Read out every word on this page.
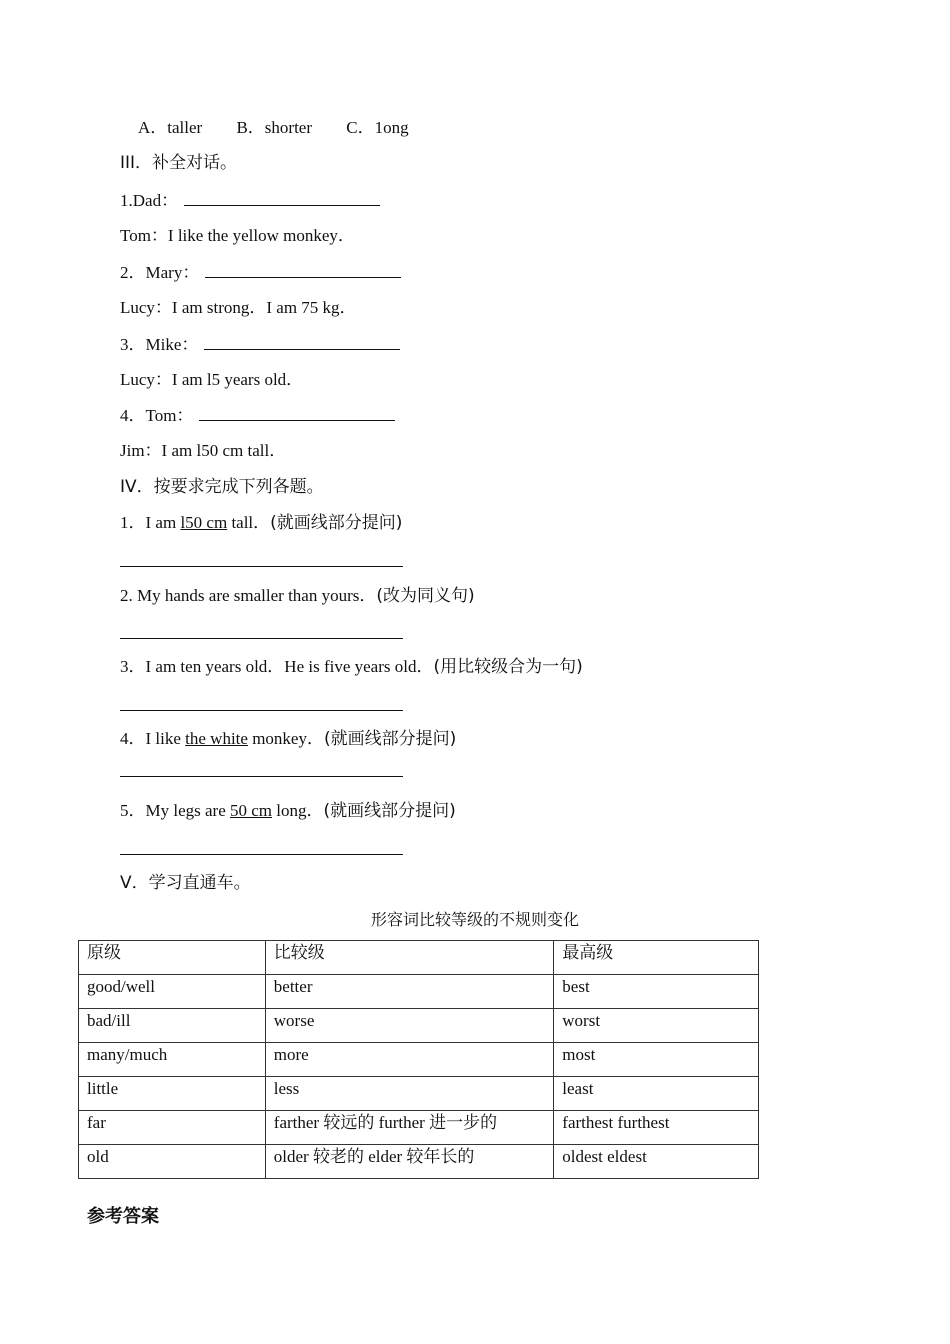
A．taller B．shorter C．1ong
III．补全对话。
1.Dad：
Tom：I like the yellow monkey．
2．Mary：
Lucy：I am strong．I am 75 kg．
3．Mike：
Lucy：I am l5 years old．
4．Tom：
Jim：I am l50 cm tall．
IV．按要求完成下列各题。
1．I am l50 cm tall．(就画线部分提问)
2. My hands are smaller than yours．(改为同义句)
3．I am ten years old．He is five years old．(用比较级合为一句)
4．I like the white monkey．(就画线部分提问)
5．My legs are 50 cm long．(就画线部分提问)
V．学习直通车。
形容词比较等级的不规则变化
原级	比较级	最高级
good/well	better	best
bad/ill	worse	worst
many/much	more	most
little	less	least
far	farther 较远的 further 进一步的	farthest furthest
old	older 较老的 elder 较年长的	oldest eldest
参考答案
